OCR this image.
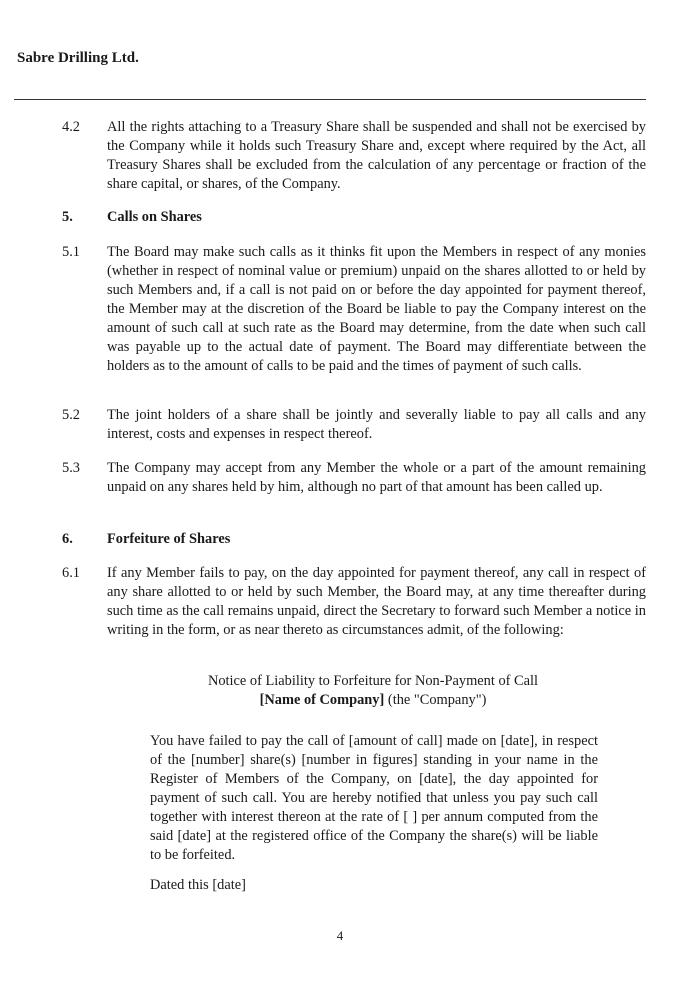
Sabre Drilling Ltd.
4.2	All the rights attaching to a Treasury Share shall be suspended and shall not be exercised by the Company while it holds such Treasury Share and, except where required by the Act, all Treasury Shares shall be excluded from the calculation of any percentage or fraction of the share capital, or shares, of the Company.
5.	Calls on Shares
5.1	The Board may make such calls as it thinks fit upon the Members in respect of any monies (whether in respect of nominal value or premium) unpaid on the shares allotted to or held by such Members and, if a call is not paid on or before the day appointed for payment thereof, the Member may at the discretion of the Board be liable to pay the Company interest on the amount of such call at such rate as the Board may determine, from the date when such call was payable up to the actual date of payment. The Board may differentiate between the holders as to the amount of calls to be paid and the times of payment of such calls.
5.2	The joint holders of a share shall be jointly and severally liable to pay all calls and any interest, costs and expenses in respect thereof.
5.3	The Company may accept from any Member the whole or a part of the amount remaining unpaid on any shares held by him, although no part of that amount has been called up.
6.	Forfeiture of Shares
6.1	If any Member fails to pay, on the day appointed for payment thereof, any call in respect of any share allotted to or held by such Member, the Board may, at any time thereafter during such time as the call remains unpaid, direct the Secretary to forward such Member a notice in writing in the form, or as near thereto as circumstances admit, of the following:
Notice of Liability to Forfeiture for Non-Payment of Call
[Name of Company] (the "Company")
You have failed to pay the call of [amount of call] made on [date], in respect of the [number] share(s) [number in figures] standing in your name in the Register of Members of the Company, on [date], the day appointed for payment of such call. You are hereby notified that unless you pay such call together with interest thereon at the rate of [ ] per annum computed from the said [date] at the registered office of the Company the share(s) will be liable to be forfeited.
Dated this [date]
4
